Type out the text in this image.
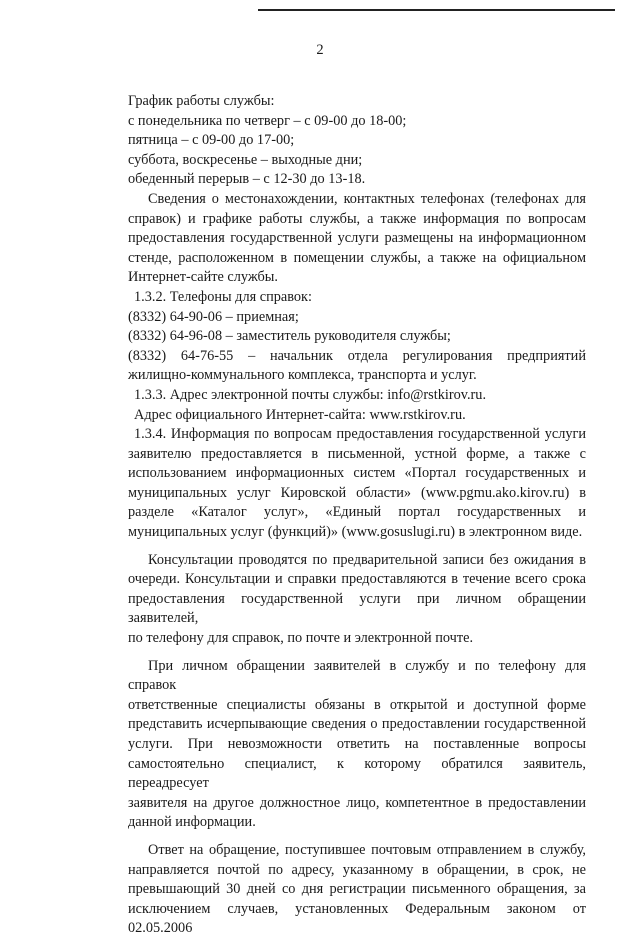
2

График работы службы:

с понедельника по четверг – с 09-00 до 18-00;

пятница – с 09-00 до 17-00;

суббота, воскресенье – выходные дни;

обеденный перерыв – с 12-30 до 13-18.

Сведения о местонахождении, контактных телефонах (телефонах для

справок) и графике работы службы, а также информация по вопросам

предоставления государственной услуги размещены на информационном

стенде, расположенном в помещении службы, а также на официальном

Интернет-сайте службы.

1.3.2. Телефоны для справок:

(8332) 64-90-06 – приемная;

(8332) 64-96-08 – заместитель руководителя службы;

(8332) 64-76-55 – начальник отдела регулирования предприятий

жилищно-коммунального комплекса, транспорта и услуг.

1.3.3. Адрес электронной почты службы: info@rstkirov.ru.

Адрес официального Интернет-сайта: www.rstkirov.ru.

1.3.4. Информация по вопросам предоставления государственной услуги

заявителю предоставляется в письменной, устной форме, а также с

использованием информационных систем «Портал государственных и

муниципальных услуг Кировской области» (www.pgmu.ako.kirov.ru) в

разделе «Каталог услуг», «Единый портал государственных и

муниципальных услуг (функций)» (www.gosuslugi.ru) в электронном виде.

Консультации проводятся по предварительной записи без ожидания в

очереди. Консультации и справки предоставляются в течение всего срока

предоставления государственной услуги при личном обращении заявителей,

по телефону для справок, по почте и электронной почте.

При личном обращении заявителей в службу и по телефону для справок

ответственные специалисты обязаны в открытой и доступной форме

представить исчерпывающие сведения о предоставлении государственной

услуги. При невозможности ответить на поставленные вопросы

самостоятельно специалист, к которому обратился заявитель, переадресует

заявителя на другое должностное лицо, компетентное в предоставлении

данной информации.

Ответ на обращение, поступившее почтовым отправлением в службу,

направляется почтой по адресу, указанному в обращении, в срок, не

превышающий 30 дней со дня регистрации письменного обращения, за

исключением случаев, установленных Федеральным законом от 02.05.2006
